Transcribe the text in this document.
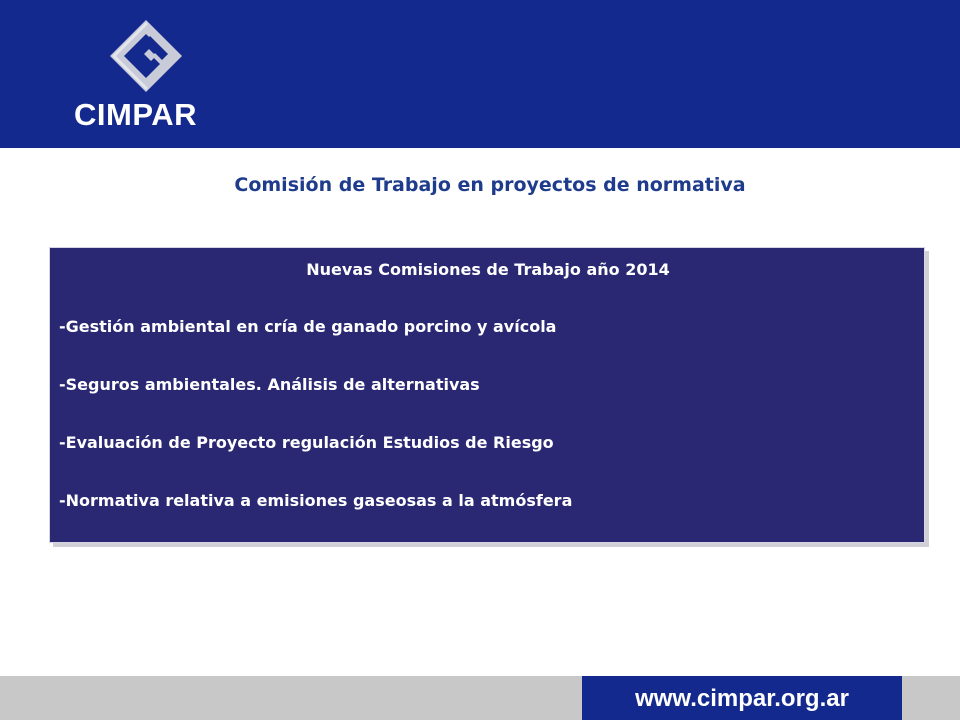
CIMPAR
Comisión de Trabajo en proyectos de normativa
Nuevas Comisiones de Trabajo año 2014
-Gestión ambiental en cría de ganado porcino y avícola
-Seguros ambientales. Análisis de alternativas
-Evaluación de Proyecto regulación Estudios de Riesgo
-Normativa relativa a emisiones gaseosas a la atmósfera
www.cimpar.org.ar
